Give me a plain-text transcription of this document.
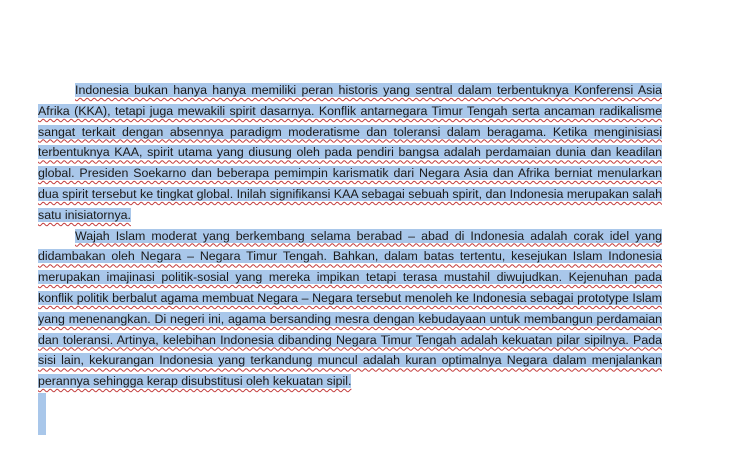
Indonesia bukan hanya hanya memiliki peran historis yang sentral dalam terbentuknya Konferensi Asia Afrika (KKA), tetapi juga mewakili spirit dasarnya. Konflik antarnegara Timur Tengah serta ancaman radikalisme sangat terkait dengan absennya paradigm moderatisme dan toleransi dalam beragama. Ketika menginisiasi terbentuknya KAA, spirit utama yang diusung oleh pada pendiri bangsa adalah perdamaian dunia dan keadilan global. Presiden Soekarno dan beberapa pemimpin karismatik dari Negara Asia dan Afrika berniat menularkan dua spirit tersebut ke tingkat global. Inilah signifikansi KAA sebagai sebuah spirit, dan Indonesia merupakan salah satu inisiatornya.

Wajah Islam moderat yang berkembang selama berabad – abad di Indonesia adalah corak idel yang didambakan oleh Negara – Negara Timur Tengah. Bahkan, dalam batas tertentu, kesejukan Islam Indonesia merupakan imajinasi politik-sosial yang mereka impikan tetapi terasa mustahil diwujudkan. Kejenuhan pada konflik politik berbalut agama membuat Negara – Negara tersebut menoleh ke Indonesia sebagai prototype Islam yang menenangkan. Di negeri ini, agama bersanding mesra dengan kebudayaan untuk membangun perdamaian dan toleransi. Artinya, kelebihan Indonesia dibanding Negara Timur Tengah adalah kekuatan pilar sipilnya. Pada sisi lain, kekurangan Indonesia yang terkandung muncul adalah kuran optimalnya Negara dalam menjalankan perannya sehingga kerap disubstitusi oleh kekuatan sipil.
